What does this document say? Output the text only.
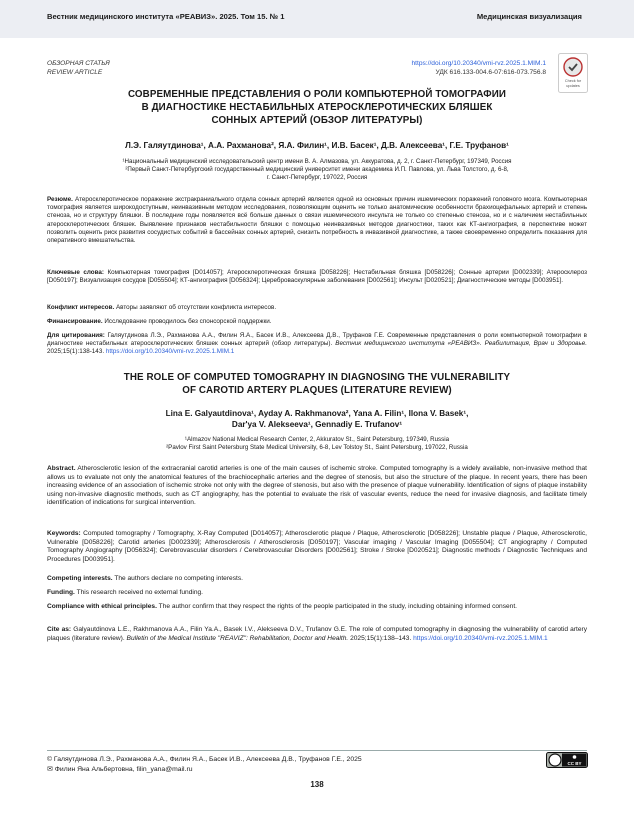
Вестник медицинского института «РЕАВИЗ». 2025. Том 15. № 1	Медицинская визуализация
ОБЗОРНАЯ СТАТЬЯ
REVIEW ARTICLE
https://doi.org/10.20340/vmi-rvz.2025.1.MIM.1
УДК 616.133-004.6-07:616-073.756.8
Check for updates
СОВРЕМЕННЫЕ ПРЕДСТАВЛЕНИЯ О РОЛИ КОМПЬЮТЕРНОЙ ТОМОГРАФИИ
В ДИАГНОСТИКЕ НЕСТАБИЛЬНЫХ АТЕРОСКЛЕРОТИЧЕСКИХ БЛЯШЕК
СОННЫХ АРТЕРИЙ (ОБЗОР ЛИТЕРАТУРЫ)
Л.Э. Галяутдинова¹, А.А. Рахманова², Я.А. Филин¹, И.В. Басек¹, Д.В. Алексеева¹, Г.Е. Труфанов¹
¹Национальный медицинский исследовательский центр имени В. А. Алмазова, ул. Аккуратова, д. 2, г. Санкт-Петербург, 197349, Россия
²Первый Санкт-Петербургский государственный медицинский университет имени академика И.П. Павлова, ул. Льва Толстого, д. 6-8,
г. Санкт-Петербург, 197022, Россия
Резюме. Атеросклеротическое поражение экстракраниального отдела сонных артерий является одной из основных причин ишемических поражений головного мозга. Компьютерная томография является широкодоступным, неинвазивным методом исследования, позволяющим оценить не только анатомические особенности брахиоцефальных артерий и степень стеноза, но и структуру бляшки. В последние годы появляется всё больше данных о связи ишемического инсульта не только со степенью стеноза, но и с наличием нестабильных атеросклеротических бляшек. Выявление признаков нестабильности бляшки с помощью неинвазивных методов диагностики, таких как КТ-ангиография, в перспективе может позволить оценить риск развития сосудистых событий в бассейнах сонных артерий, снизить потребность в инвазивной диагностике, а также своевременно определить показания для оперативного вмешательства.
Ключевые слова: Компьютерная томография [D014057]; Атеросклеротическая бляшка [D058226]; Нестабильная бляшка [D058226]; Сонные артерии [D002339]; Атеросклероз [D050197]; Визуализация сосудов [D055504]; КТ-ангиография [D056324]; Цереброваскулярные заболевания [D002561]; Инсульт [D020521]; Диагностические методы [D003951].
Конфликт интересов. Авторы заявляют об отсутствии конфликта интересов.
Финансирование. Исследование проводилось без спонсорской поддержки.
Для цитирования: Галяутдинова Л.Э., Рахманова А.А., Филин Я.А., Басек И.В., Алексеева Д.В., Труфанов Г.Е. Современные представления о роли компьютерной томографии в диагностике нестабильных атеросклеротических бляшек сонных артерий (обзор литературы). Вестник медицинского института «РЕАВИЗ». Реабилитация, Врач и Здоровье. 2025;15(1):138-143. https://doi.org/10.20340/vmi-rvz.2025.1.MIM.1
THE ROLE OF COMPUTED TOMOGRAPHY IN DIAGNOSING THE VULNERABILITY
OF CAROTID ARTERY PLAQUES (LITERATURE REVIEW)
Lina E. Galyautdinova¹, Ayday A. Rakhmanova², Yana A. Filin¹, Ilona V. Basek¹,
Dar'ya V. Alekseeva¹, Gennadiy E. Trufanov¹
¹Almazov National Medical Research Center, 2, Akkuratov St., Saint Petersburg, 197349, Russia
²Pavlov First Saint Petersburg State Medical University, 6-8, Lev Tolstoy St., Saint Petersburg, 197022, Russia
Abstract. Atherosclerotic lesion of the extracranial carotid arteries is one of the main causes of ischemic stroke. Computed tomography is a widely available, non-invasive method that allows us to evaluate not only the anatomical features of the brachiocephalic arteries and the degree of stenosis, but also the structure of the plaque. In recent years, there has been increasing evidence of an association of ischemic stroke not only with the degree of stenosis, but also with the presence of plaque vulnerability. Identification of signs of plaque instability using non-invasive diagnostic methods, such as CT angiography, has the potential to evaluate the risk of vascular events, reduce the need for invasive diagnosis, and facilitate timely identification of indications for surgical intervention.
Keywords: Computed tomography / Tomography, X-Ray Computed [D014057]; Atherosclerotic plaque / Plaque, Atherosclerotic [D058226]; Unstable plaque / Plaque, Atherosclerotic, Vulnerable [D058226]; Carotid arteries [D002339]; Atherosclerosis / Atherosclerosis [D050197]; Vascular imaging / Vascular Imaging [D055504]; CT angiography / Computed Tomography Angiography [D056324]; Cerebrovascular disorders / Cerebrovascular Disorders [D002561]; Stroke / Stroke [D020521]; Diagnostic methods / Diagnostic Techniques and Procedures [D003951].
Competing interests. The authors declare no competing interests.
Funding. This research received no external funding.
Compliance with ethical principles. The author confirm that they respect the rights of the people participated in the study, including obtaining informed consent.
Cite as: Galyautdinova L.E., Rakhmanova A.A., Filin Ya.A., Basek I.V., Alekseeva D.V., Trufanov G.E. The role of computed tomography in diagnosing the vulnerability of carotid artery plaques (literature review). Bulletin of the Medical Institute "REAVIZ": Rehabilitation, Doctor and Health. 2025;15(1):138–143. https://doi.org/10.20340/vmi-rvz.2025.1.MIM.1
© Галяутдинова Л.Э., Рахманова А.А., Филин Я.А., Басек И.В., Алексеева Д.В., Труфанов Г.Е., 2025
✉ Филин Яна Альбертовна, filin_yana@mail.ru
CC BY
138
